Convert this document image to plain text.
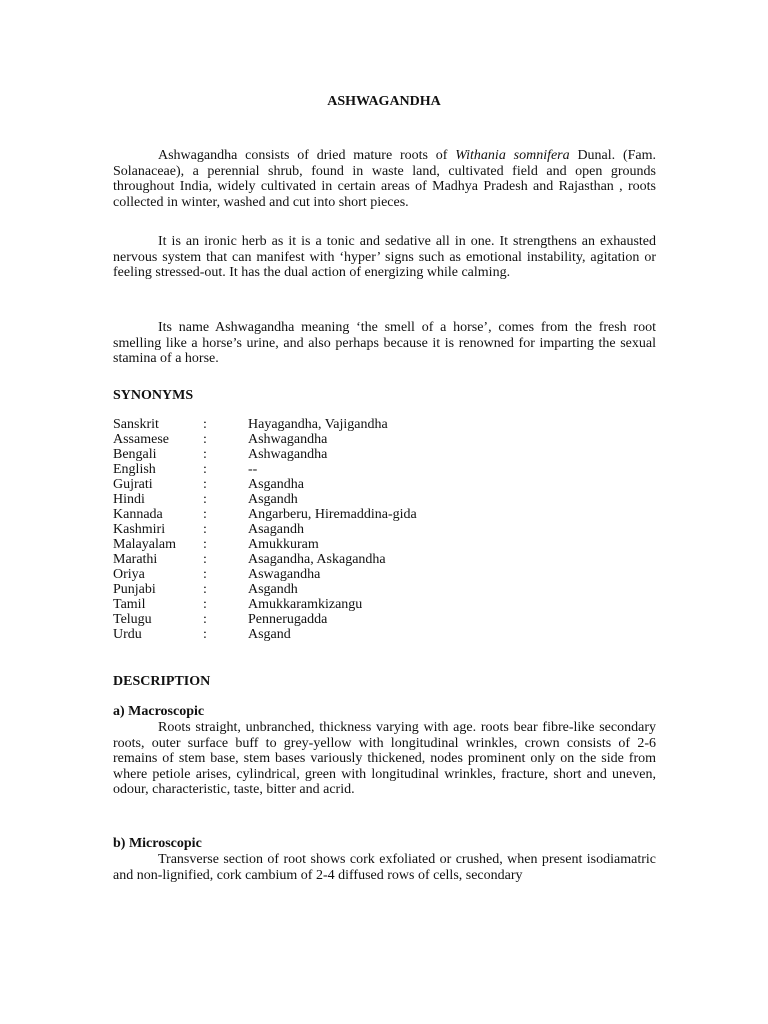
ASHWAGANDHA

Ashwagandha consists of dried mature roots of Withania somnifera Dunal. (Fam. Solanaceae), a perennial shrub, found in waste land, cultivated field and open grounds throughout India, widely cultivated in certain areas of Madhya Pradesh and Rajasthan , roots collected in winter, washed and cut into short pieces.

It is an ironic herb as it is a tonic and sedative all in one. It strengthens an exhausted nervous system that can manifest with ‘hyper’ signs such as emotional instability, agitation or feeling stressed-out. It has the dual action of energizing while calming.

Its name Ashwagandha meaning ‘the smell of a horse’, comes from the fresh root smelling like a horse’s urine, and also perhaps because it is renowned for imparting the sexual stamina of a horse.

SYNONYMS
Sanskrit	:	Hayagandha, Vajigandha
Assamese :	Ashwagandha
Bengali	:	Ashwagandha
English	:	--
Gujrati	:	Asgandha
Hindi	:	Asgandh
Kannada	:	Angarberu, Hiremaddina-gida
Kashmiri	:	Asagandh
Malayalam :	Amukkuram
Marathi	:	Asagandha, Askagandha
Oriya	:	Aswagandha
Punjabi	:	Asgandh
Tamil	:	Amukkaramkizangu
Telugu	:	Pennerugadda
Urdu	:	Asgand
DESCRIPTION
a) Macroscopic

Roots straight, unbranched, thickness varying with age. roots bear fibre-like secondary roots, outer surface buff to grey-yellow with longitudinal wrinkles, crown consists of 2-6 remains of stem base, stem bases variously thickened, nodes prominent only on the side from where petiole arises, cylindrical, green with longitudinal wrinkles, fracture, short and uneven, odour, characteristic, taste, bitter and acrid.

b) Microscopic

Transverse section of root shows cork exfoliated or crushed, when present isodiamatric and non-lignified, cork cambium of 2-4 diffused rows of cells, secondary
